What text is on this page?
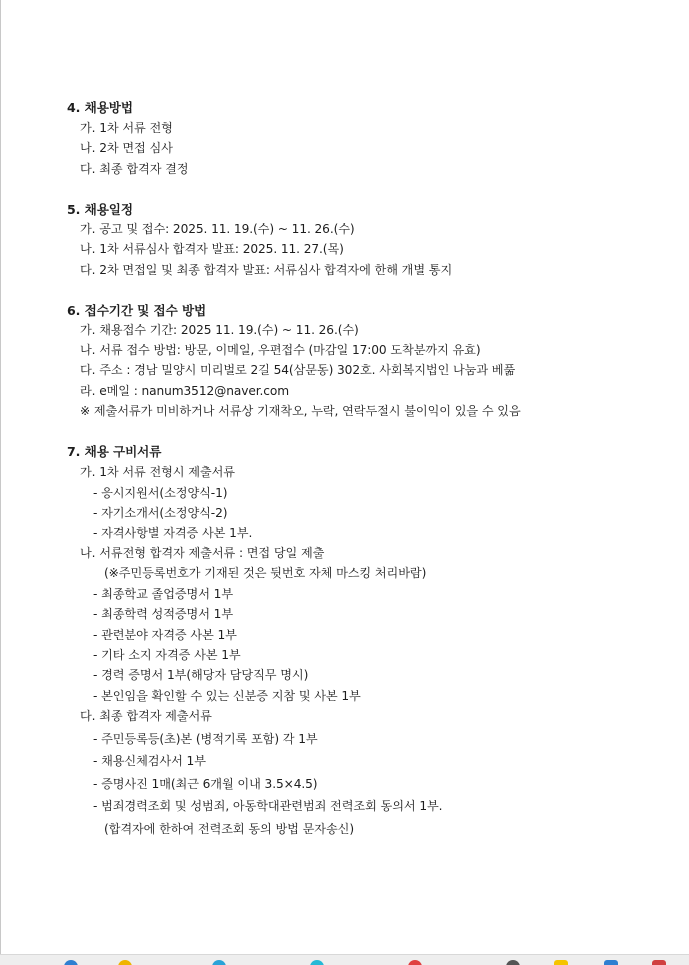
4. 채용방법
가. 1차 서류 전형
나. 2차 면접 심사
다. 최종 합격자 결정
5. 채용일정
가. 공고 및 접수: 2025. 11. 19.(수) ~ 11. 26.(수)
나. 1차 서류심사 합격자 발표: 2025. 11. 27.(목)
다. 2차 면접일 및 최종 합격자 발표: 서류심사 합격자에 한해 개별 통지
6. 접수기간 및 접수 방법
가. 채용접수 기간: 2025 11. 19.(수) ~ 11. 26.(수)
나. 서류 접수 방법: 방문, 이메일, 우편접수 (마감일 17:00 도착분까지 유효)
다. 주소 : 경남 밀양시 미리벌로 2길 54(삼문동) 302호. 사회복지법인 나눔과 베풂
라. e메일 : nanum3512@naver.com
※ 제출서류가 미비하거나 서류상 기재착오, 누락, 연락두절시 불이익이 있을 수 있음
7. 채용 구비서류
가. 1차 서류 전형시 제출서류
- 응시지원서(소정양식-1)
- 자기소개서(소정양식-2)
- 자격사항별 자격증 사본 1부.
나. 서류전형 합격자 제출서류 : 면접 당일 제출
(※주민등록번호가 기재된 것은 뒷번호 자체 마스킹 처리바람)
- 최종학교 졸업증명서 1부
- 최종학력 성적증명서 1부
- 관련분야 자격증 사본 1부
- 기타 소지 자격증 사본 1부
- 경력 증명서 1부(해당자 담당직무 명시)
- 본인임을 확인할 수 있는 신분증 지참 및 사본 1부
다. 최종 합격자 제출서류
- 주민등록등(초)본 (병적기록 포함) 각 1부
- 채용신체검사서 1부
- 증명사진 1매(최근 6개월 이내 3.5×4.5)
- 범죄경력조회 및 성범죄, 아동학대관련범죄 전력조회 동의서 1부.
(합격자에 한하여 전력조회 동의 방법 문자송신)
